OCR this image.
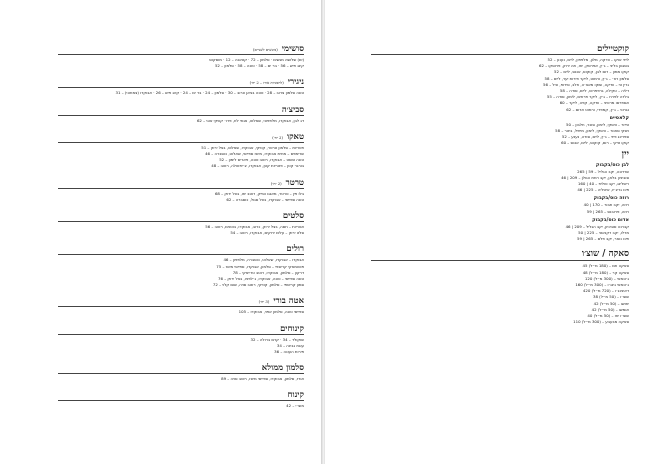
סושימי(מוגשים לשניים)
(ים) שלושה מגשים · סלמון – 72 · קטאנה – 12 · מוסקוס
קינג פיש – 56 · בר ים – 58 · טונה – 58 · סלמון – 52
ניגירי(לחמניות אורז – 2 יח׳)
טונה סלמון צרוב – 28 · טונה בגיאן צרוב – 30 · סלמון – 24 · בר ים – 24 · קינג פיש – 26 · אבוקדו (צמחוני) – 31
סביצ׳ה
דג לבן, אבוקדו, מלפפוני, שאלוט, אגוזי לוז, פרו׳ קוויקי אוגי – 62
טאקו(2 יח׳)
פטריות – סלמון טרטר, קוויקי, אבוקדו, שאלוט, בצל ירוק – 51
שרימפס – מחית אבוקדו, מיונז ספייסי, שאלוט, כוסברה – 46
טונה טוסט – אבוקדו, רוטב טונה, פאריס לימון – 52
בורגר קטן – פטריות קטן, אבוקדו, צ׳יפוטלה, רוטב – 48
טרטר(2 יח׳)
בלו פין – טרטר, מאנגו וסייק, רוטב יוזו, בצל ירוק – 68
טונה ספייסי – אבוקדו, בצל סגול, כוסברה – 62
סלטים
אטריות – חסה, בצל ירוק, כרוב, אבוקדו, בוטנים, רוטב – 56
סלט ירוק – עלים ירוקים, אבוקדו, רוטב – 54
רולים
אבוקדו – אבוקדו, שאלוט, כוסברה, מלפפון – 46
פוטומאקי קריספי – סלמון, אבוקדו, ספייסי מיונז – 75
דרקון – סלמון, אבוקדו, רוטב טרייאקי – 78
טונה ספייסי – טונה, אבוקדו, ג׳לפניו, בצל ירוק – 76
סמון קריספי – סלמון, קוויקי, רוטב סויה, שום קלוי – 72
אטה בורי(3 יח׳)
ספייסי טונה, סלמון אפוי, אבוקדו – 105
קינוחים
שוקולד – 34 · קרם ברולה – 32
עוגת גבינה – 34
פירות העונה – 36
סלמון ממולא
אורז, סלמון, אבוקדו, ספייסי מיונז, רוטב סויה – 89
קינוח
מוצ׳י – 42
קוקטיילים
לייזי אוקו – וודקה, מלון, מלפפון, ליים, נענע – 52
בסגנון בליני – ג׳ין, אפרסק, יוזו, תה ירוק, פרוסקו – 62
קוקו ממון – רום לבן, קוקוס, אננס, ליים – 52
סלמון רוז׳ – ג׳ין, ורמוט, ליקר פירות יער, ליים – 58
גרין טי – וודקה, שוקו מאצ׳ה, חלב, סירופ, וניל – 56
דליה – טקילה, גרפפרוט, ליים, סודה – 58
בלדה לפרח – ג׳ין, ליקר פרחים, לימון, סודה – 55
אספרסו מרטיני – וודקה, קפה, ליקר – 60
נגרוני – ג׳ין, קמפרי, ורמוט אדום – 62
קלאסיים
טייזר – וויסקי, לימון, סוכר, חלבון – 50
ויסקי סאוור – וויסקי, לימון, מייפל, ביטר – 58
ספרינג פיזי – ג׳ין, ליים, סודה, נענע – 52
קוקו טיקי – רום, קוקוס, ליים, אננס – 60
יין
לבן כוס/בקבוק
שרדונה, יקב הגליל – 59 | 265
סוביניון בלאן, יקב רמת הגולן – 209 | 46
ריסלינג, יקב טוליפ – 40 | 160
פינו גריג׳יו, איטליה – 225 | 46
רוזה כוס/בקבוק
רוזה, יקב תבור – 170 | 40
רוזה, פרובנס – 265 | 59
אדום כוס/בקבוק
קברנה סוביניון, יקב הגליל – 209 | 46
מרלו, יקב רקנאטי – 225 | 50
פינו נואר, יקב פלם – 265 | 59
סאקה / שוצ׳ו
סאקה חם – (180 מ״ל) 45
סאקה קר – (180 מ״ל) 48
ג׳ונמאי – (300 מ״ל) 120
ג׳ונמאי גינג׳ו – (300 מ״ל) 160
דאיגינג׳ו – (720 מ״ל) 420
שוצ׳ו – (50 מ״ל) 38
יוזושו – (50 מ״ל) 42
אומשו – (50 מ״ל) 42
שוצ׳ו יוזו – (50 מ״ל) 40
סאקה מבעבע – (300 מ״ל) 110
